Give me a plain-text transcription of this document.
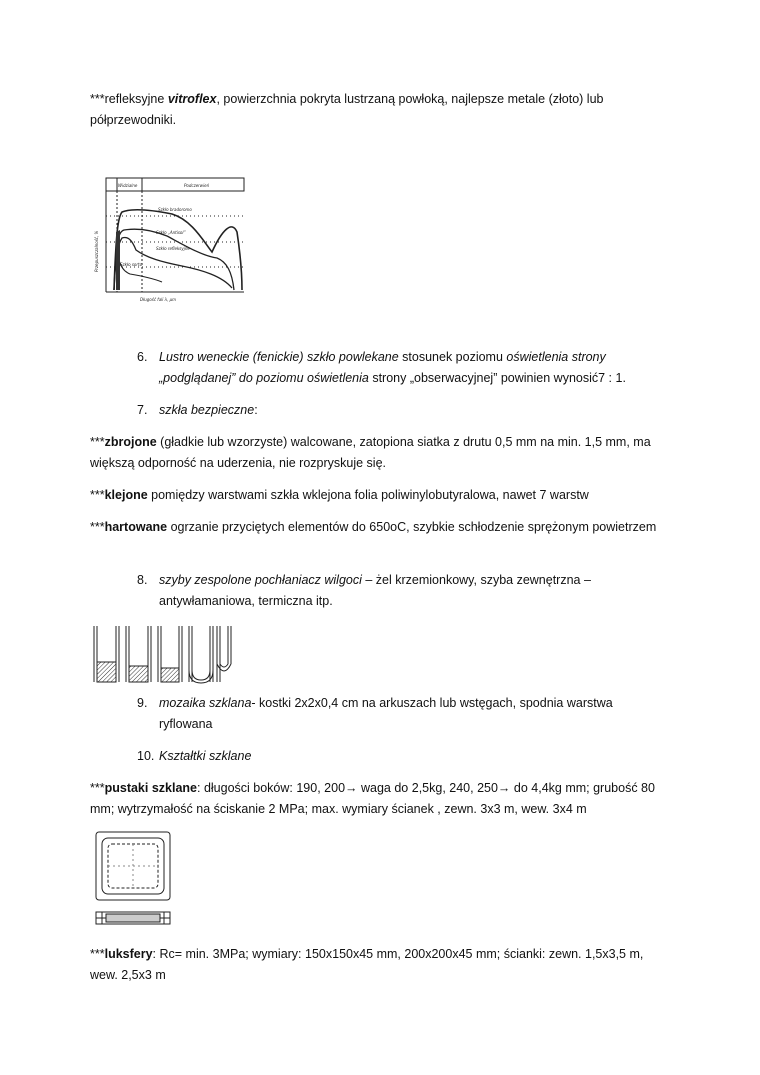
***refleksyjne vitroflex, powierzchnia pokryta lustrzaną powłoką, najlepsze metale (złoto) lub półprzewodniki.

Widzialne	Podczerwień
Szkło bradoromo
Szkło „Antisol”
Szkło refleksyjne
Szkło sorto
Długość fali λ, μm
Przepuszczalność, %
6. Lustro weneckie (fenickie) szkło powlekane stosunek poziomu oświetlenia strony „podglądanej” do poziomu oświetlenia strony „obserwacyjnej” powinien wynosić7 : 1.
7. szkła bezpieczne:

***zbrojone (gładkie lub wzorzyste) walcowane, zatopiona siatka z drutu 0,5 mm na min. 1,5 mm, ma większą odporność na uderzenia, nie rozpryskuje się.

***klejone pomiędzy warstwami szkła wklejona folia poliwinylobutyralowa, nawet 7 warstw

***hartowane ogrzanie przyciętych elementów do 650oC, szybkie schłodzenie sprężonym powietrzem

8. szyby zespolone pochłaniacz wilgoci – żel krzemionkowy, szyba zewnętrzna – antywłamaniowa, termiczna itp.
9. mozaika szklana- kostki 2x2x0,4 cm na arkuszach lub wstęgach, spodnia warstwa ryflowana
10. Kształtki szklane

***pustaki szklane: długości boków: 190, 200→ waga do 2,5kg, 240, 250→ do 4,4kg mm; grubość 80 mm; wytrzymałość na ściskanie 2 MPa; max. wymiary ścianek , zewn. 3x3 m, wew. 3x4 m

***luksfery: Rc= min. 3MPa; wymiary: 150x150x45 mm, 200x200x45 mm; ścianki: zewn. 1,5x3,5 m, wew. 2,5x3 m
